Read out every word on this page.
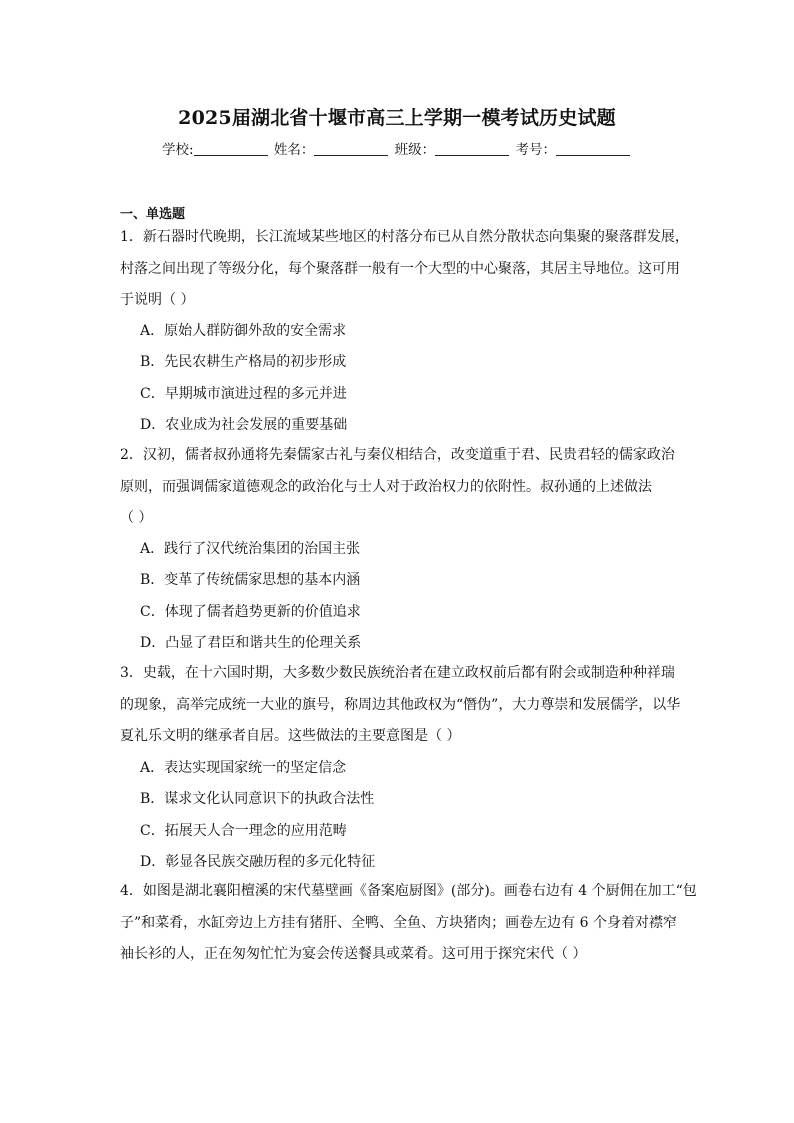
2025届湖北省十堰市高三上学期一模考试历史试题
学校:	姓名：	班级：	考号：
一、单选题
1．新石器时代晚期，长江流域某些地区的村落分布已从自然分散状态向集聚的聚落群发展，
村落之间出现了等级分化，每个聚落群一般有一个大型的中心聚落，其居主导地位。这可用
于说明（ ）
A．原始人群防御外敌的安全需求
B．先民农耕生产格局的初步形成
C．早期城市演进过程的多元并进
D．农业成为社会发展的重要基础
2．汉初，儒者叔孙通将先秦儒家古礼与秦仪相结合，改变道重于君、民贵君轻的儒家政治
原则，而强调儒家道德观念的政治化与士人对于政治权力的依附性。叔孙通的上述做法
（ ）
A．践行了汉代统治集团的治国主张
B．变革了传统儒家思想的基本内涵
C．体现了儒者趋势更新的价值追求
D．凸显了君臣和谐共生的伦理关系
3．史载，在十六国时期，大多数少数民族统治者在建立政权前后都有附会或制造种种祥瑞
的现象，高举完成统一大业的旗号，称周边其他政权为“僭伪”，大力尊崇和发展儒学，以华
夏礼乐文明的继承者自居。这些做法的主要意图是（ ）
A．表达实现国家统一的坚定信念
B．谋求文化认同意识下的执政合法性
C．拓展天人合一理念的应用范畴
D．彰显各民族交融历程的多元化特征
4．如图是湖北襄阳檀溪的宋代墓壁画《备案庖厨图》(部分)。画卷右边有 4 个厨佣在加工“包
子”和菜肴，水缸旁边上方挂有猪肝、全鸭、全鱼、方块猪肉；画卷左边有 6 个身着对襟窄
袖长衫的人，正在匆匆忙忙为宴会传送餐具或菜肴。这可用于探究宋代（ ）
